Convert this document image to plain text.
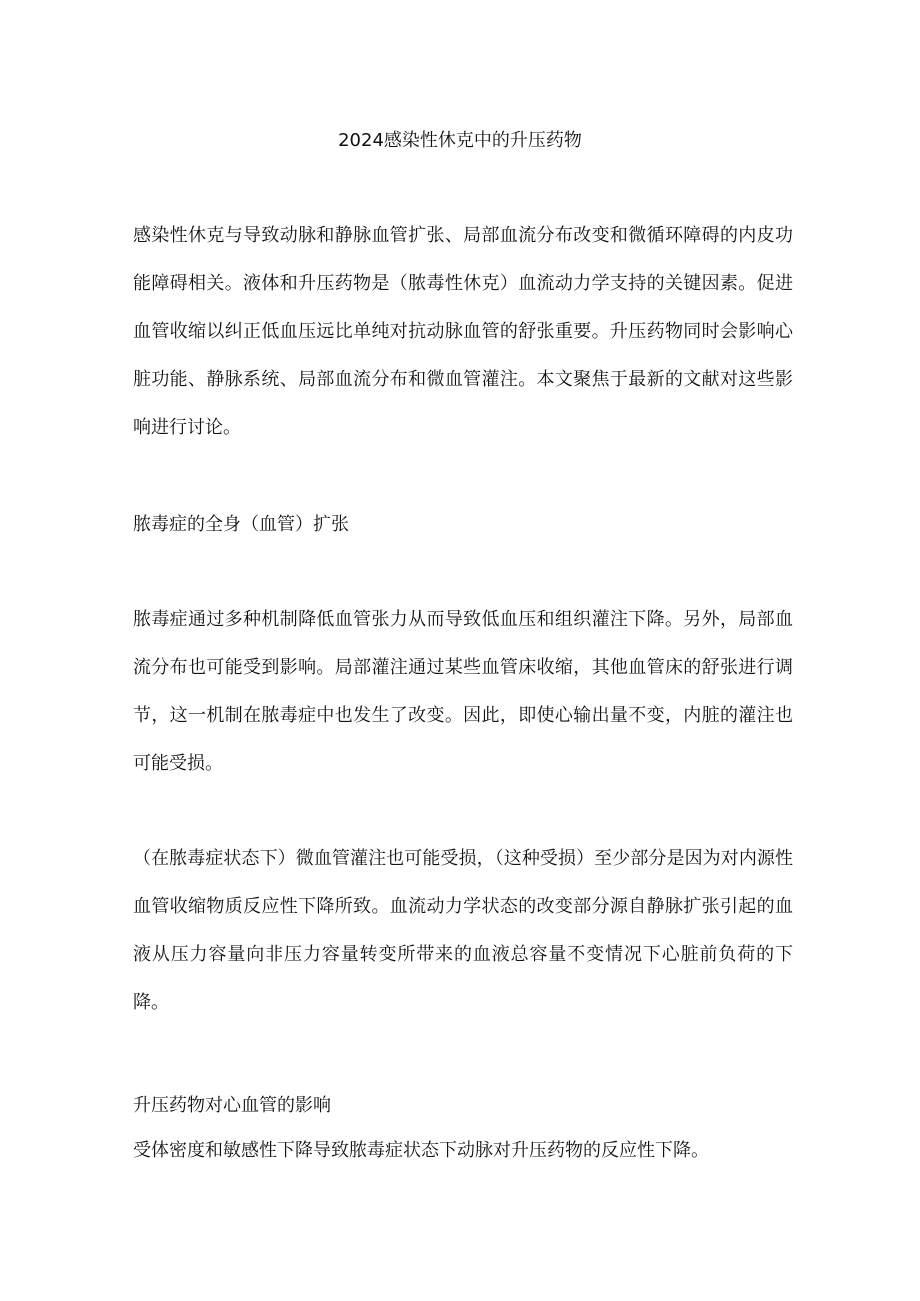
2024感染性休克中的升压药物
感染性休克与导致动脉和静脉血管扩张、局部血流分布改变和微循环障碍的内皮功能障碍相关。液体和升压药物是（脓毒性休克）血流动力学支持的关键因素。促进血管收缩以纠正低血压远比单纯对抗动脉血管的舒张重要。升压药物同时会影响心脏功能、静脉系统、局部血流分布和微血管灌注。本文聚焦于最新的文献对这些影响进行讨论。
脓毒症的全身（血管）扩张
脓毒症通过多种机制降低血管张力从而导致低血压和组织灌注下降。另外，局部血流分布也可能受到影响。局部灌注通过某些血管床收缩，其他血管床的舒张进行调节，这一机制在脓毒症中也发生了改变。因此，即使心输出量不变，内脏的灌注也可能受损。
（在脓毒症状态下）微血管灌注也可能受损，（这种受损）至少部分是因为对内源性血管收缩物质反应性下降所致。血流动力学状态的改变部分源自静脉扩张引起的血液从压力容量向非压力容量转变所带来的血液总容量不变情况下心脏前负荷的下降。
升压药物对心血管的影响
受体密度和敏感性下降导致脓毒症状态下动脉对升压药物的反应性下降。
